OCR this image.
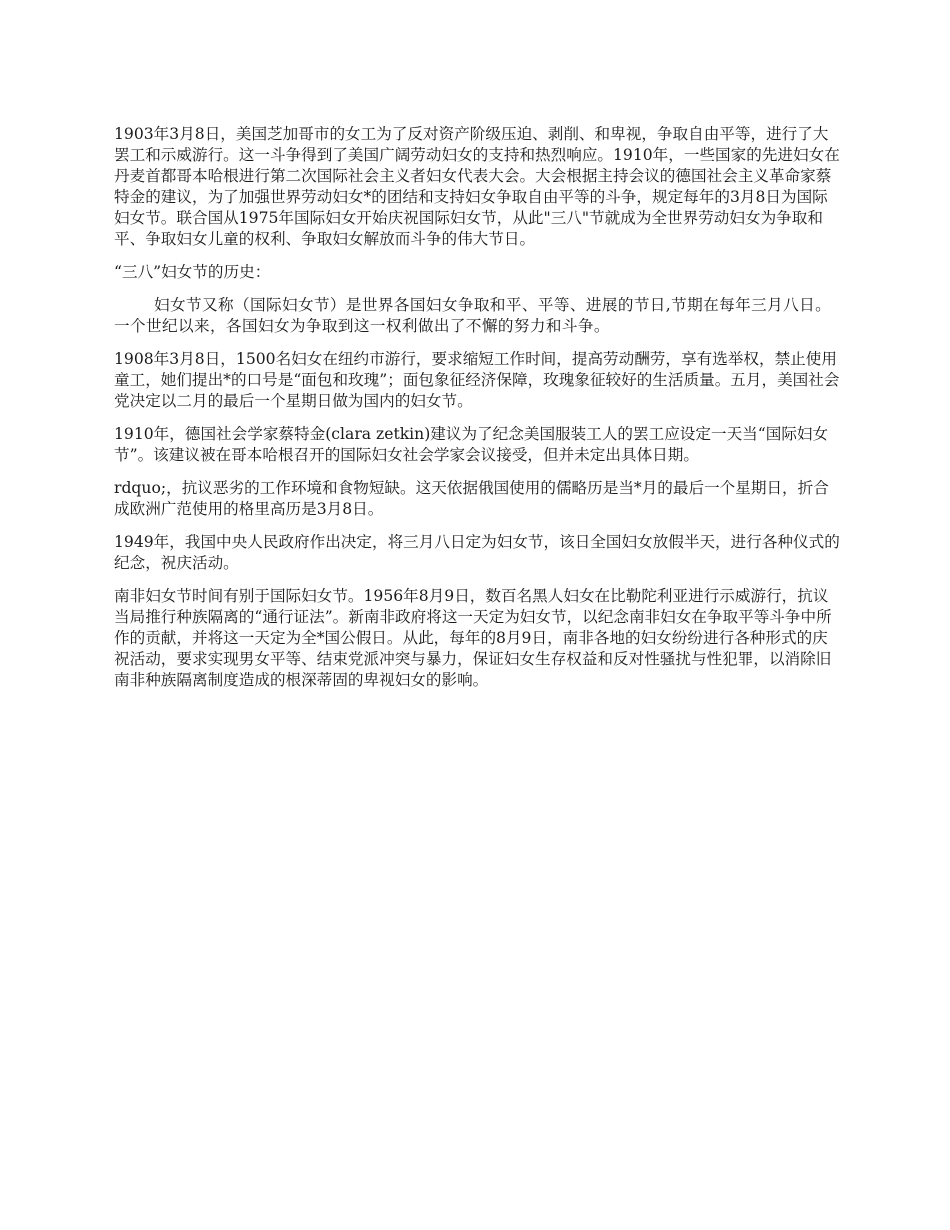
1903年3月8日，美国芝加哥市的女工为了反对资产阶级压迫、剥削、和卑视，争取自由平等，进行了大罢工和示威游行。这一斗争得到了美国广阔劳动妇女的支持和热烈响应。1910年，一些国家的先进妇女在丹麦首都哥本哈根进行第二次国际社会主义者妇女代表大会。大会根据主持会议的德国社会主义革命家蔡特金的建议，为了加强世界劳动妇女*的团结和支持妇女争取自由平等的斗争，规定每年的3月8日为国际妇女节。联合国从1975年国际妇女开始庆祝国际妇女节，从此"三八"节就成为全世界劳动妇女为争取和平、争取妇女儿童的权利、争取妇女解放而斗争的伟大节日。

“三八”妇女节的历史：

妇女节又称（国际妇女节）是世界各国妇女争取和平、平等、进展的节日,节期在每年三月八日。一个世纪以来，各国妇女为争取到这一权利做出了不懈的努力和斗争。

1908年3月8日，1500名妇女在纽约市游行，要求缩短工作时间，提高劳动酬劳，享有选举权，禁止使用童工，她们提出*的口号是“面包和玫瑰”；面包象征经济保障，玫瑰象征较好的生活质量。五月，美国社会党决定以二月的最后一个星期日做为国内的妇女节。

1910年，德国社会学家蔡特金(clara zetkin)建议为了纪念美国服装工人的罢工应设定一天当“国际妇女节”。该建议被在哥本哈根召开的国际妇女社会学家会议接受，但并未定出具体日期。

rdquo;，抗议恶劣的工作环境和食物短缺。这天依据俄国使用的儒略历是当*月的最后一个星期日，折合成欧洲广范使用的格里高历是3月8日。

1949年，我国中央人民政府作出决定，将三月八日定为妇女节，该日全国妇女放假半天，进行各种仪式的纪念，祝庆活动。

南非妇女节时间有别于国际妇女节。1956年8月9日，数百名黑人妇女在比勒陀利亚进行示威游行，抗议当局推行种族隔离的“通行证法”。新南非政府将这一天定为妇女节，以纪念南非妇女在争取平等斗争中所作的贡献，并将这一天定为全*国公假日。从此，每年的8月9日，南非各地的妇女纷纷进行各种形式的庆祝活动，要求实现男女平等、结束党派冲突与暴力，保证妇女生存权益和反对性骚扰与性犯罪，以消除旧南非种族隔离制度造成的根深蒂固的卑视妇女的影响。
